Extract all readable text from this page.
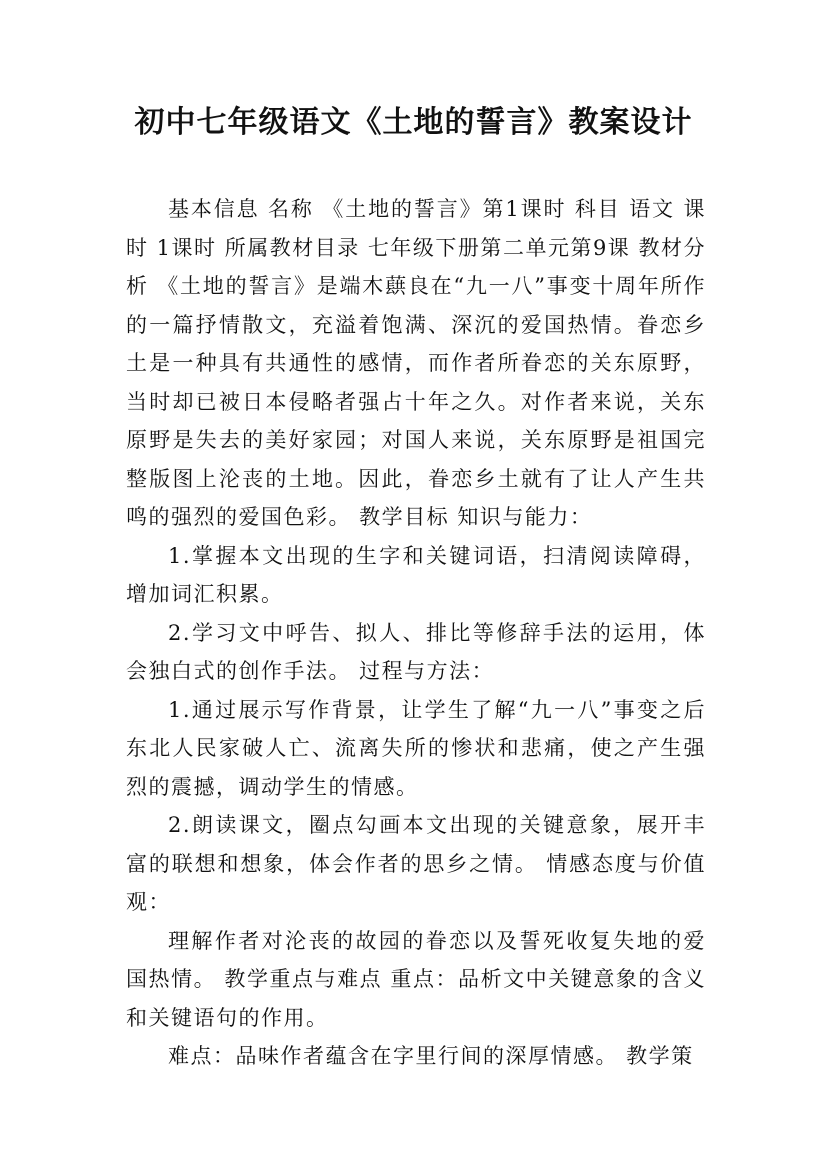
初中七年级语文《土地的誓言》教案设计

基本信息 名称 《土地的誓言》第1课时 科目 语文 课时 1课时 所属教材目录 七年级下册第二单元第9课 教材分析 《土地的誓言》是端木蕻良在“九一八”事变十周年所作的一篇抒情散文，充溢着饱满、深沉的爱国热情。眷恋乡土是一种具有共通性的感情，而作者所眷恋的关东原野，当时却已被日本侵略者强占十年之久。对作者来说，关东原野是失去的美好家园；对国人来说，关东原野是祖国完整版图上沦丧的土地。因此，眷恋乡土就有了让人产生共鸣的强烈的爱国色彩。 教学目标 知识与能力：

1.掌握本文出现的生字和关键词语，扫清阅读障碍，增加词汇积累。

2.学习文中呼告、拟人、排比等修辞手法的运用，体会独白式的创作手法。 过程与方法：

1.通过展示写作背景，让学生了解“九一八”事变之后东北人民家破人亡、流离失所的惨状和悲痛，使之产生强烈的震撼，调动学生的情感。

2.朗读课文，圈点勾画本文出现的关键意象，展开丰富的联想和想象，体会作者的思乡之情。 情感态度与价值观：

理解作者对沦丧的故园的眷恋以及誓死收复失地的爱国热情。 教学重点与难点 重点：品析文中关键意象的含义和关键语句的作用。

难点：品味作者蕴含在字里行间的深厚情感。 教学策
